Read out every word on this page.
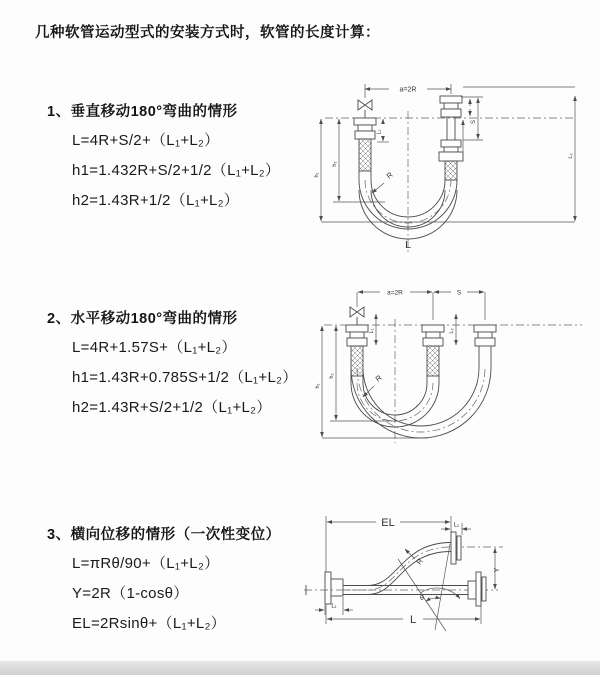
几种软管运动型式的安装方式时，软管的长度计算：
1、垂直移动180°弯曲的情形
L=4R+S/2+（L₁+L₂）
h1=1.432R+S/2+1/2（L₁+L₂）
h2=1.43R+1/2（L₁+L₂）
2、水平移动180°弯曲的情形
L=4R+1.57S+（L₁+L₂）
h1=1.43R+0.785S+1/2（L₁+L₂）
h2=1.43R+S/2+1/2（L₁+L₂）
3、横向位移的情形（一次性变位）
L=πRθ/90+（L₁+L₂）
Y=2R（1-cosθ）
EL=2Rsinθ+（L₁+L₂）
a=2R
R
S
L₁
h₂
h₁
L₂
L
a=2R	S
R
L₁	L₂
h₂
h₁
EL	L₂
Y
R
θ
L₁
L
